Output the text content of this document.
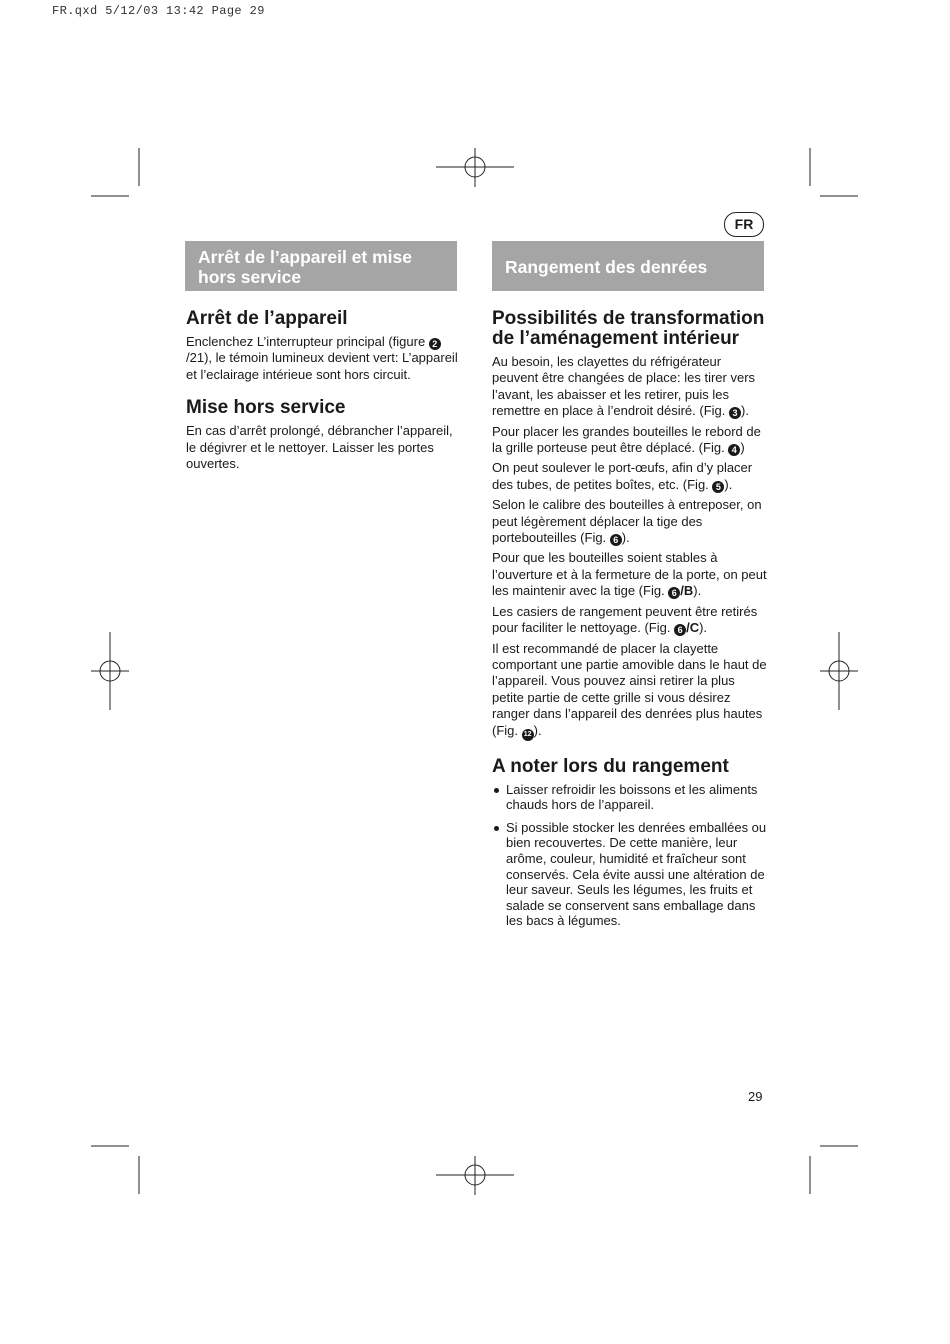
FR.qxd 5/12/03 13:42 Page 29
FR
Arrêt de l’appareil et mise hors service	Rangement des denrées
Arrêt de l’appareil

Enclenchez L’interrupteur principal (figure 2/21), le témoin lumineux devient vert: L’appareil et l’eclairage intérieue sont hors circuit.

Mise hors service

En cas d’arrêt prolongé, débrancher l’appareil, le dégivrer et le nettoyer. Laisser les portes ouvertes.

Possibilités de transformation de l’aménagement intérieur

Au besoin, les clayettes du réfrigérateur peuvent être changées de place: les tirer vers l’avant, les abaisser et les retirer, puis les remettre en place à l’endroit désiré. (Fig. 3 ).

Pour placer les grandes bouteilles le rebord de la grille porteuse peut être déplacé. (Fig. 4 )

On peut soulever le port-œufs, afin d’y placer des tubes, de petites boîtes, etc. (Fig. 5 ).

Selon le calibre des bouteilles à entreposer, on peut légèrement déplacer la tige des portebouteilles (Fig. 6 ).

Pour que les bouteilles soient stables à l’ouverture et à la fermeture de la porte, on peut les maintenir avec la tige (Fig. 6 /B).

Les casiers de rangement peuvent être retirés pour faciliter le nettoyage. (Fig. 6 /C).

Il est recommandé de placer la clayette comportant une partie amovible dans le haut de l’appareil. Vous pouvez ainsi retirer la plus petite partie de cette grille si vous désirez ranger dans l’appareil des denrées plus hautes (Fig. 12 ).

A noter lors du rangement
Laisser refroidir les boissons et les aliments chauds hors de l’appareil.
Si possible stocker les denrées emballées ou bien recouvertes. De cette manière, leur arôme, couleur, humidité et fraîcheur sont conservés. Cela évite aussi une altération de leur saveur. Seuls les légumes, les fruits et salade se conservent sans emballage dans les bacs à légumes.
29
